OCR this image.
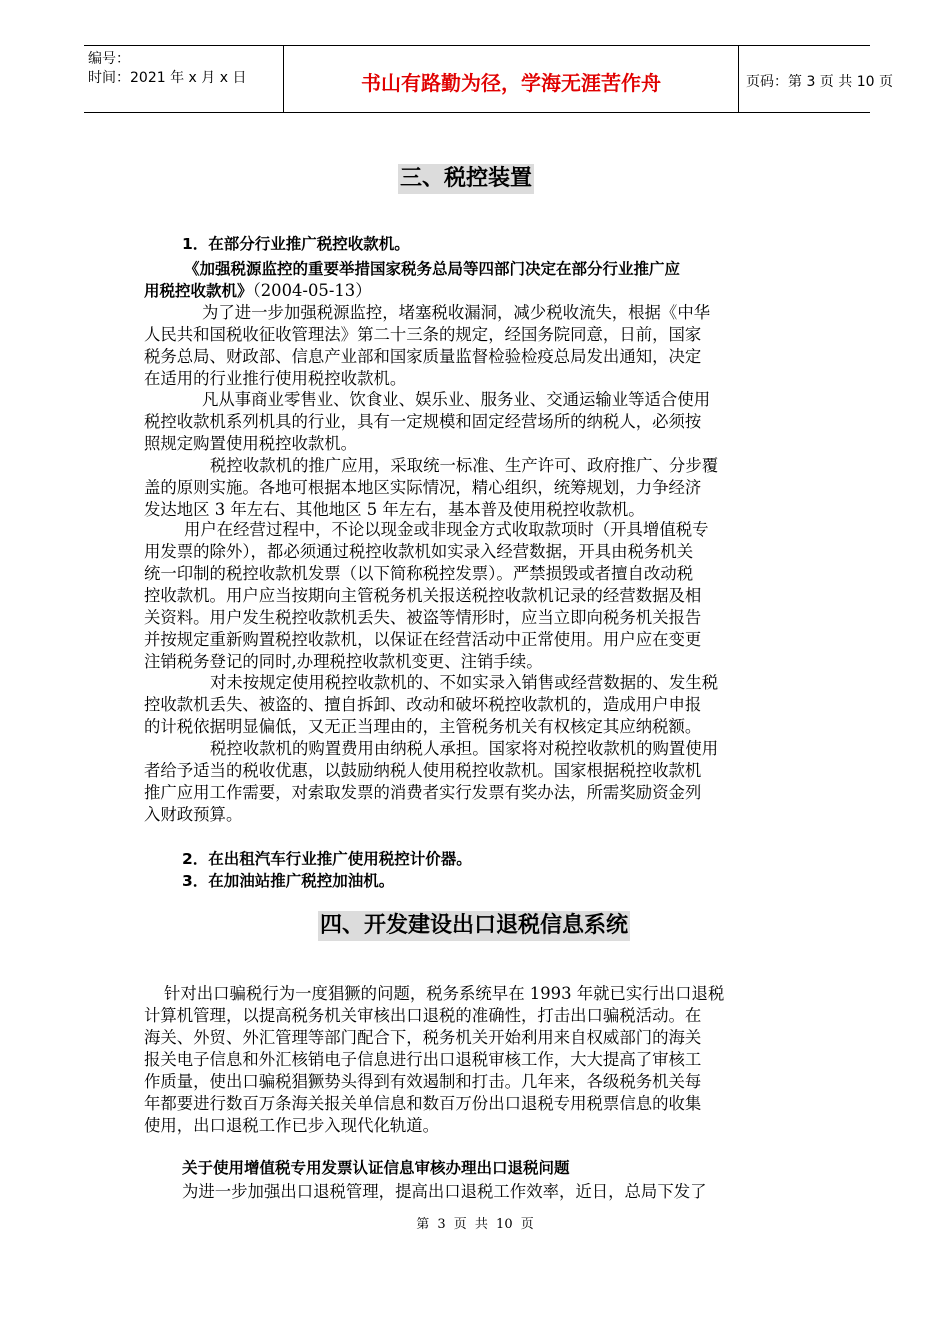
编号：
时间：2021 年 x 月 x 日	书山有路勤为径，学海无涯苦作舟	页码：第 3 页 共 10 页
三、税控装置
1．在部分行业推广税控收款机。
《加强税源监控的重要举措国家税务总局等四部门决定在部分行业推广应
用税控收款机》（2004-05-13）
为了进一步加强税源监控，堵塞税收漏洞，减少税收流失，根据《中华
人民共和国税收征收管理法》第二十三条的规定，经国务院同意，日前，国家
税务总局、财政部、信息产业部和国家质量监督检验检疫总局发出通知，决定
在适用的行业推行使用税控收款机。
凡从事商业零售业、饮食业、娱乐业、服务业、交通运输业等适合使用
税控收款机系列机具的行业，具有一定规模和固定经营场所的纳税人，必须按
照规定购置使用税控收款机。
税控收款机的推广应用，采取统一标准、生产许可、政府推广、分步覆
盖的原则实施。各地可根据本地区实际情况，精心组织，统筹规划，力争经济
发达地区 3 年左右、其他地区 5 年左右，基本普及使用税控收款机。
用户在经营过程中，不论以现金或非现金方式收取款项时（开具增值税专
用发票的除外），都必须通过税控收款机如实录入经营数据，开具由税务机关
统一印制的税控收款机发票（以下简称税控发票）。严禁损毁或者擅自改动税
控收款机。用户应当按期向主管税务机关报送税控收款机记录的经营数据及相
关资料。用户发生税控收款机丢失、被盗等情形时，应当立即向税务机关报告
并按规定重新购置税控收款机，以保证在经营活动中正常使用。用户应在变更
注销税务登记的同时,办理税控收款机变更、注销手续。
对未按规定使用税控收款机的、不如实录入销售或经营数据的、发生税
控收款机丢失、被盗的、擅自拆卸、改动和破坏税控收款机的，造成用户申报
的计税依据明显偏低，又无正当理由的，主管税务机关有权核定其应纳税额。
税控收款机的购置费用由纳税人承担。国家将对税控收款机的购置使用
者给予适当的税收优惠，以鼓励纳税人使用税控收款机。国家根据税控收款机
推广应用工作需要，对索取发票的消费者实行发票有奖办法，所需奖励资金列
入财政预算。
2．在出租汽车行业推广使用税控计价器。
3．在加油站推广税控加油机。
四、开发建设出口退税信息系统
针对出口骗税行为一度猖獗的问题，税务系统早在 1993 年就已实行出口退税
计算机管理，以提高税务机关审核出口退税的准确性，打击出口骗税活动。在
海关、外贸、外汇管理等部门配合下，税务机关开始利用来自权威部门的海关
报关电子信息和外汇核销电子信息进行出口退税审核工作，大大提高了审核工
作质量，使出口骗税猖獗势头得到有效遏制和打击。几年来，各级税务机关每
年都要进行数百万条海关报关单信息和数百万份出口退税专用税票信息的收集
使用，出口退税工作已步入现代化轨道。
关于使用增值税专用发票认证信息审核办理出口退税问题
为进一步加强出口退税管理，提高出口退税工作效率，近日，总局下发了
第 3 页 共 10 页
